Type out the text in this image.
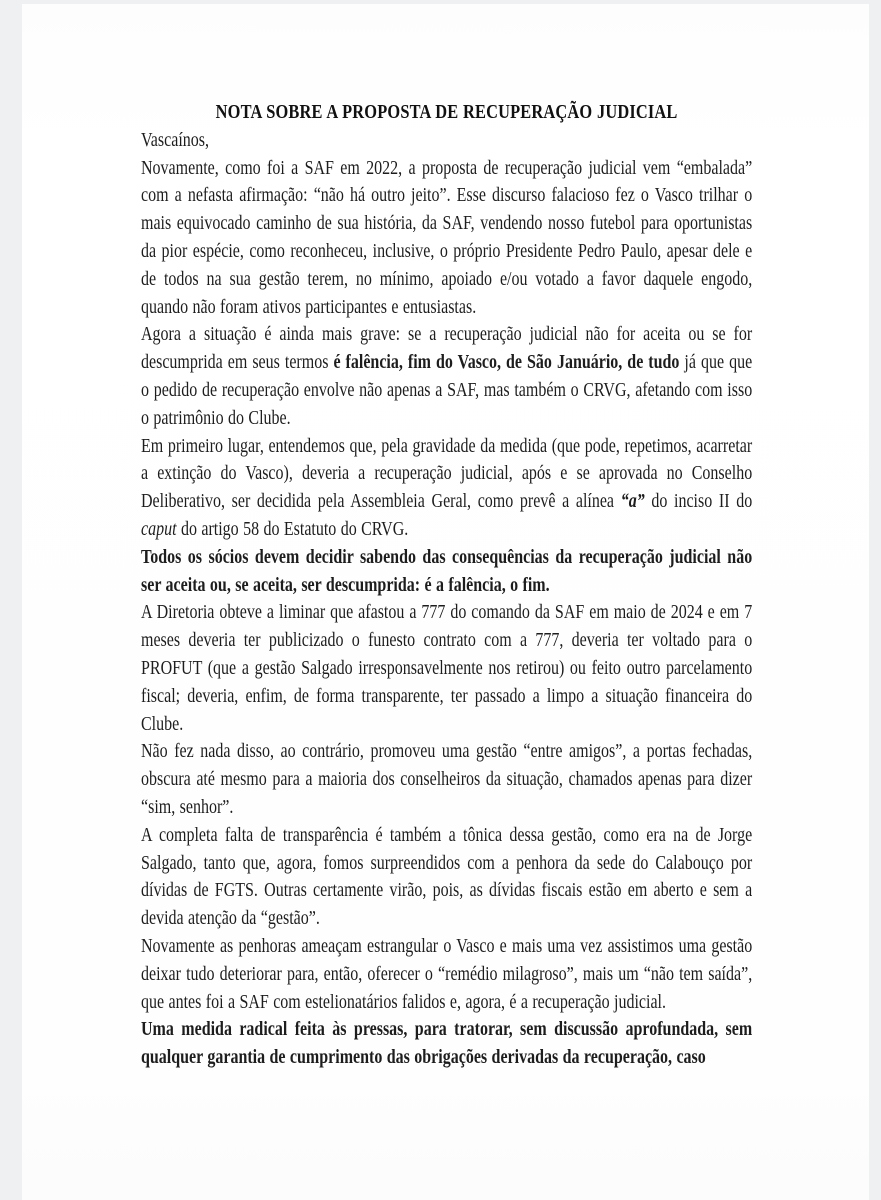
NOTA SOBRE A PROPOSTA DE RECUPERAÇÃO JUDICIAL

Vascaínos,

Novamente, como foi a SAF em 2022, a proposta de recuperação judicial vem “embalada” com a nefasta afirmação: “não há outro jeito”. Esse discurso falacioso fez o Vasco trilhar o mais equivocado caminho de sua história, da SAF, vendendo nosso futebol para oportunistas da pior espécie, como reconheceu, inclusive, o próprio Presidente Pedro Paulo, apesar dele e de todos na sua gestão terem, no mínimo, apoiado e/ou votado a favor daquele engodo, quando não foram ativos participantes e entusiastas.

Agora a situação é ainda mais grave: se a recuperação judicial não for aceita ou se for descumprida em seus termos é falência, fim do Vasco, de São Januário, de tudo já que que o pedido de recuperação envolve não apenas a SAF, mas também o CRVG, afetando com isso o patrimônio do Clube.

Em primeiro lugar, entendemos que, pela gravidade da medida (que pode, repetimos, acarretar a extinção do Vasco), deveria a recuperação judicial, após e se aprovada no Conselho Deliberativo, ser decidida pela Assembleia Geral, como prevê a alínea “a” do inciso II do caput do artigo 58 do Estatuto do CRVG.

Todos os sócios devem decidir sabendo das consequências da recuperação judicial não ser aceita ou, se aceita, ser descumprida: é a falência, o fim.

A Diretoria obteve a liminar que afastou a 777 do comando da SAF em maio de 2024 e em 7 meses deveria ter publicizado o funesto contrato com a 777, deveria ter voltado para o PROFUT (que a gestão Salgado irresponsavelmente nos retirou) ou feito outro parcelamento fiscal; deveria, enfim, de forma transparente, ter passado a limpo a situação financeira do Clube.

Não fez nada disso, ao contrário, promoveu uma gestão “entre amigos”, a portas fechadas, obscura até mesmo para a maioria dos conselheiros da situação, chamados apenas para dizer “sim, senhor”.

A completa falta de transparência é também a tônica dessa gestão, como era na de Jorge Salgado, tanto que, agora, fomos surpreendidos com a penhora da sede do Calabouço por dívidas de FGTS. Outras certamente virão, pois, as dívidas fiscais estão em aberto e sem a devida atenção da “gestão”.

Novamente as penhoras ameaçam estrangular o Vasco e mais uma vez assistimos uma gestão deixar tudo deteriorar para, então, oferecer o “remédio milagroso”, mais um “não tem saída”, que antes foi a SAF com estelionatários falidos e, agora, é a recuperação judicial.

Uma medida radical feita às pressas, para tratorar, sem discussão aprofundada, sem qualquer garantia de cumprimento das obrigações derivadas da recuperação, caso
